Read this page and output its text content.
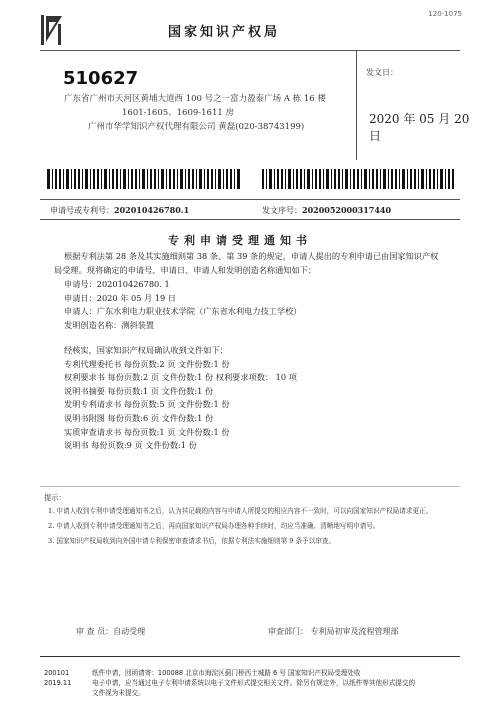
120-1075
国家知识产权局
510627
广东省广州市天河区黄埔大道西 100 号之一富力盈泰广场 A 栋 16 楼
1601-1605、1609-1611 房
广州市华学知识产权代理有限公司 黄磊(020-38743199)
发文日：
2020 年 05 月 20 日
申请号或专利号：202010426780.1	发文序号：2020052000317440
专利申请受理通知书
根据专利法第 28 条及其实施细则第 38 条、第 39 条的规定，申请人提出的专利申请已由国家知识产权局受理。现将确定的申请号、申请日、申请人和发明创造名称通知如下：
申请号：202010426780. 1
申请日：2020 年 05 月 19 日
申请人：广东水利电力职业技术学院（广东省水利电力技工学校）
发明创造名称：测斜装置
经核实，国家知识产权局确认收到文件如下：
专利代理委托书 每份页数:2 页 文件份数:1 份
权利要求书 每份页数:2 页 文件份数:1 份 权利要求项数： 10 项
说明书摘要 每份页数:1 页 文件份数:1 份
发明专利请求书 每份页数:5 页 文件份数:1 份
说明书附图 每份页数:6 页 文件份数:1 份
实质审查请求书 每份页数:1 页 文件份数:1 份
说明书 每份页数:9 页 文件份数:1 份
提示：
1. 申请人收到专利申请受理通知书之后，认为其记载的内容与申请人所提交的相应内容不一致时，可以向国家知识产权局请求更正。
2. 申请人收到专利申请受理通知书之后，再向国家知识产权局办理各种手续时，均应当准确、清晰地写明申请号。
3. 国家知识产权局收到向外国申请专利保密审查请求书后，依据专利法实施细则第 9 条予以审查。
审 查 员：自动受理	审查部门： 专利局初审及流程管理部
200101
2019.11
纸件申请，回函请寄：100088 北京市海淀区蓟门桥西土城路 6 号 国家知识产权局受理处收
电子申请，应当通过电子专利申请系统以电子文件形式提交相关文件。除另有规定外，以纸件等其他形式提交的
文件视为未提交。
